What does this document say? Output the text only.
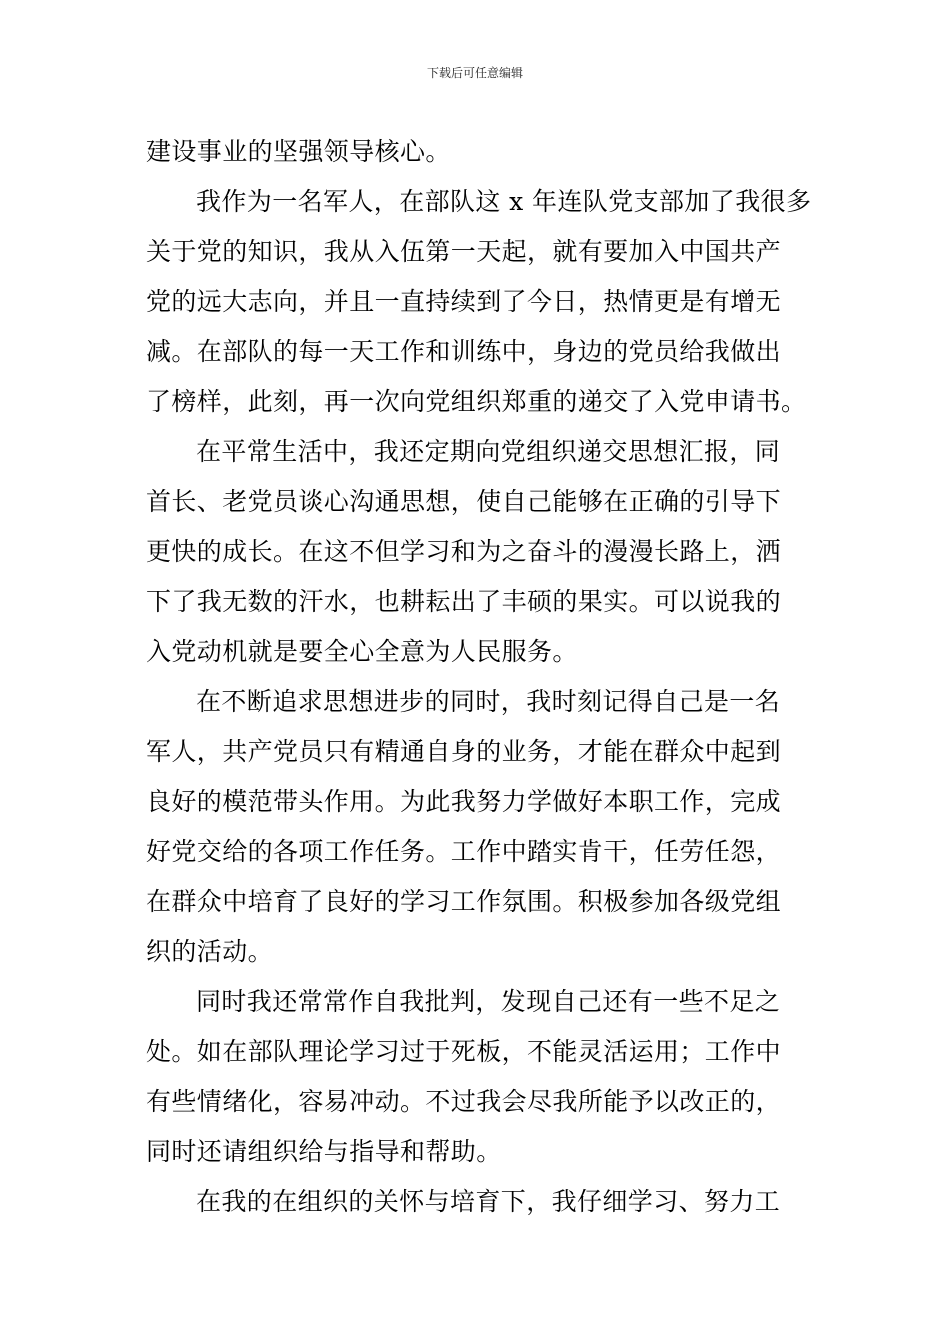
下载后可任意编辑
建设事业的坚强领导核心。
我作为一名军人，在部队这 x 年连队党支部加了我很多
关于党的知识，我从入伍第一天起，就有要加入中国共产
党的远大志向，并且一直持续到了今日，热情更是有增无
减。在部队的每一天工作和训练中，身边的党员给我做出
了榜样，此刻，再一次向党组织郑重的递交了入党申请书。
在平常生活中，我还定期向党组织递交思想汇报，同
首长、老党员谈心沟通思想，使自己能够在正确的引导下
更快的成长。在这不但学习和为之奋斗的漫漫长路上，洒
下了我无数的汗水，也耕耘出了丰硕的果实。可以说我的
入党动机就是要全心全意为人民服务。
在不断追求思想进步的同时，我时刻记得自己是一名
军人，共产党员只有精通自身的业务，才能在群众中起到
良好的模范带头作用。为此我努力学做好本职工作，完成
好党交给的各项工作任务。工作中踏实肯干，任劳任怨，
在群众中培育了良好的学习工作氛围。积极参加各级党组
织的活动。
同时我还常常作自我批判，发现自己还有一些不足之
处。如在部队理论学习过于死板，不能灵活运用；工作中
有些情绪化，容易冲动。不过我会尽我所能予以改正的，
同时还请组织给与指导和帮助。
在我的在组织的关怀与培育下，我仔细学习、努力工
